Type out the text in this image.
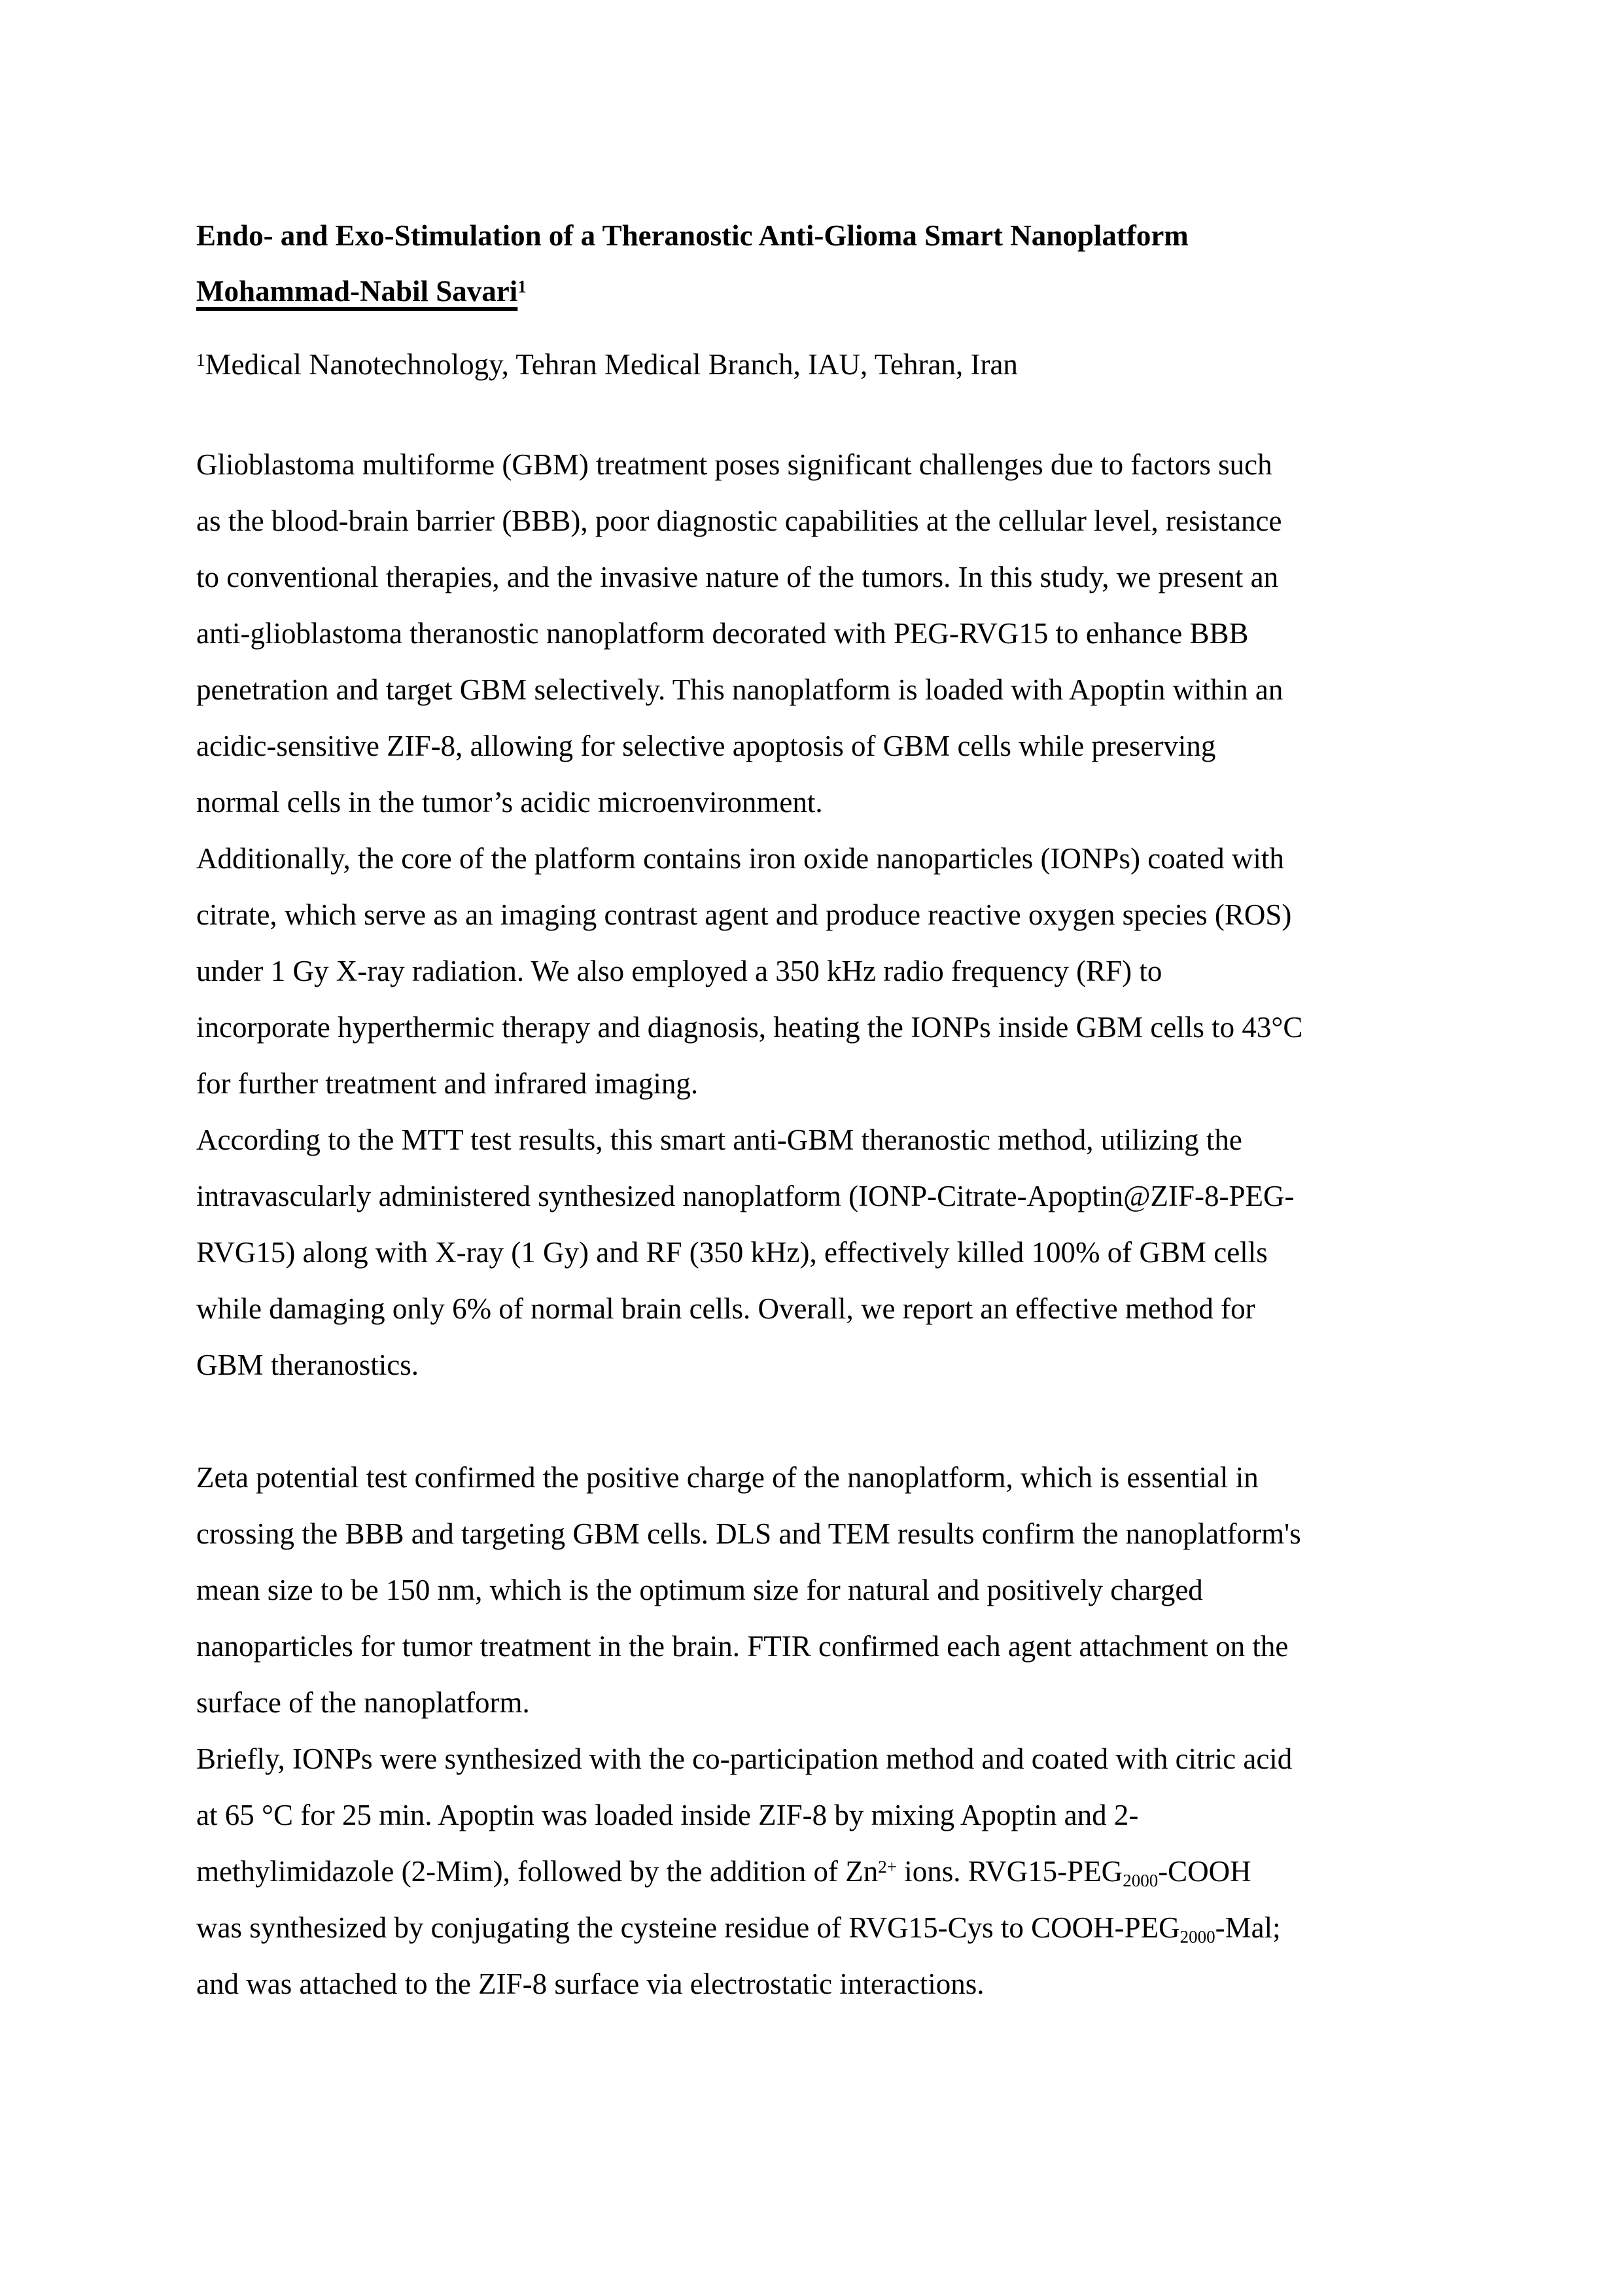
Endo- and Exo-Stimulation of a Theranostic Anti-Glioma Smart Nanoplatform
Mohammad-Nabil Savari$^1$
$^1$Medical Nanotechnology, Tehran Medical Branch, IAU, Tehran, Iran
Glioblastoma multiforme (GBM) treatment poses significant challenges due to factors such
as the blood-brain barrier (BBB), poor diagnostic capabilities at the cellular level, resistance
to conventional therapies, and the invasive nature of the tumors. In this study, we present an
anti-glioblastoma theranostic nanoplatform decorated with PEG-RVG15 to enhance BBB
penetration and target GBM selectively. This nanoplatform is loaded with Apoptin within an
acidic-sensitive ZIF-8, allowing for selective apoptosis of GBM cells while preserving
normal cells in the tumor’s acidic microenvironment.
Additionally, the core of the platform contains iron oxide nanoparticles (IONPs) coated with
citrate, which serve as an imaging contrast agent and produce reactive oxygen species (ROS)
under 1 Gy X-ray radiation. We also employed a 350 kHz radio frequency (RF) to
incorporate hyperthermic therapy and diagnosis, heating the IONPs inside GBM cells to 43°C
for further treatment and infrared imaging.
According to the MTT test results, this smart anti-GBM theranostic method, utilizing the
intravascularly administered synthesized nanoplatform (IONP-Citrate-Apoptin@ZIF-8-PEG-
RVG15) along with X-ray (1 Gy) and RF (350 kHz), effectively killed 100% of GBM cells
while damaging only 6% of normal brain cells. Overall, we report an effective method for
GBM theranostics.
Zeta potential test confirmed the positive charge of the nanoplatform, which is essential in
crossing the BBB and targeting GBM cells. DLS and TEM results confirm the nanoplatform's
mean size to be 150 nm, which is the optimum size for natural and positively charged
nanoparticles for tumor treatment in the brain. FTIR confirmed each agent attachment on the
surface of the nanoplatform.
Briefly, IONPs were synthesized with the co-participation method and coated with citric acid
at 65 °C for 25 min. Apoptin was loaded inside ZIF-8 by mixing Apoptin and 2-
methylimidazole (2-Mim), followed by the addition of $Zn^{2+}$ ions. $RVG15-PEG_{2000}$-COOH
was synthesized by conjugating the cysteine residue of RVG15-Cys to COOH-$PEG_{2000}$-Mal;
and was attached to the ZIF-8 surface via electrostatic interactions.
